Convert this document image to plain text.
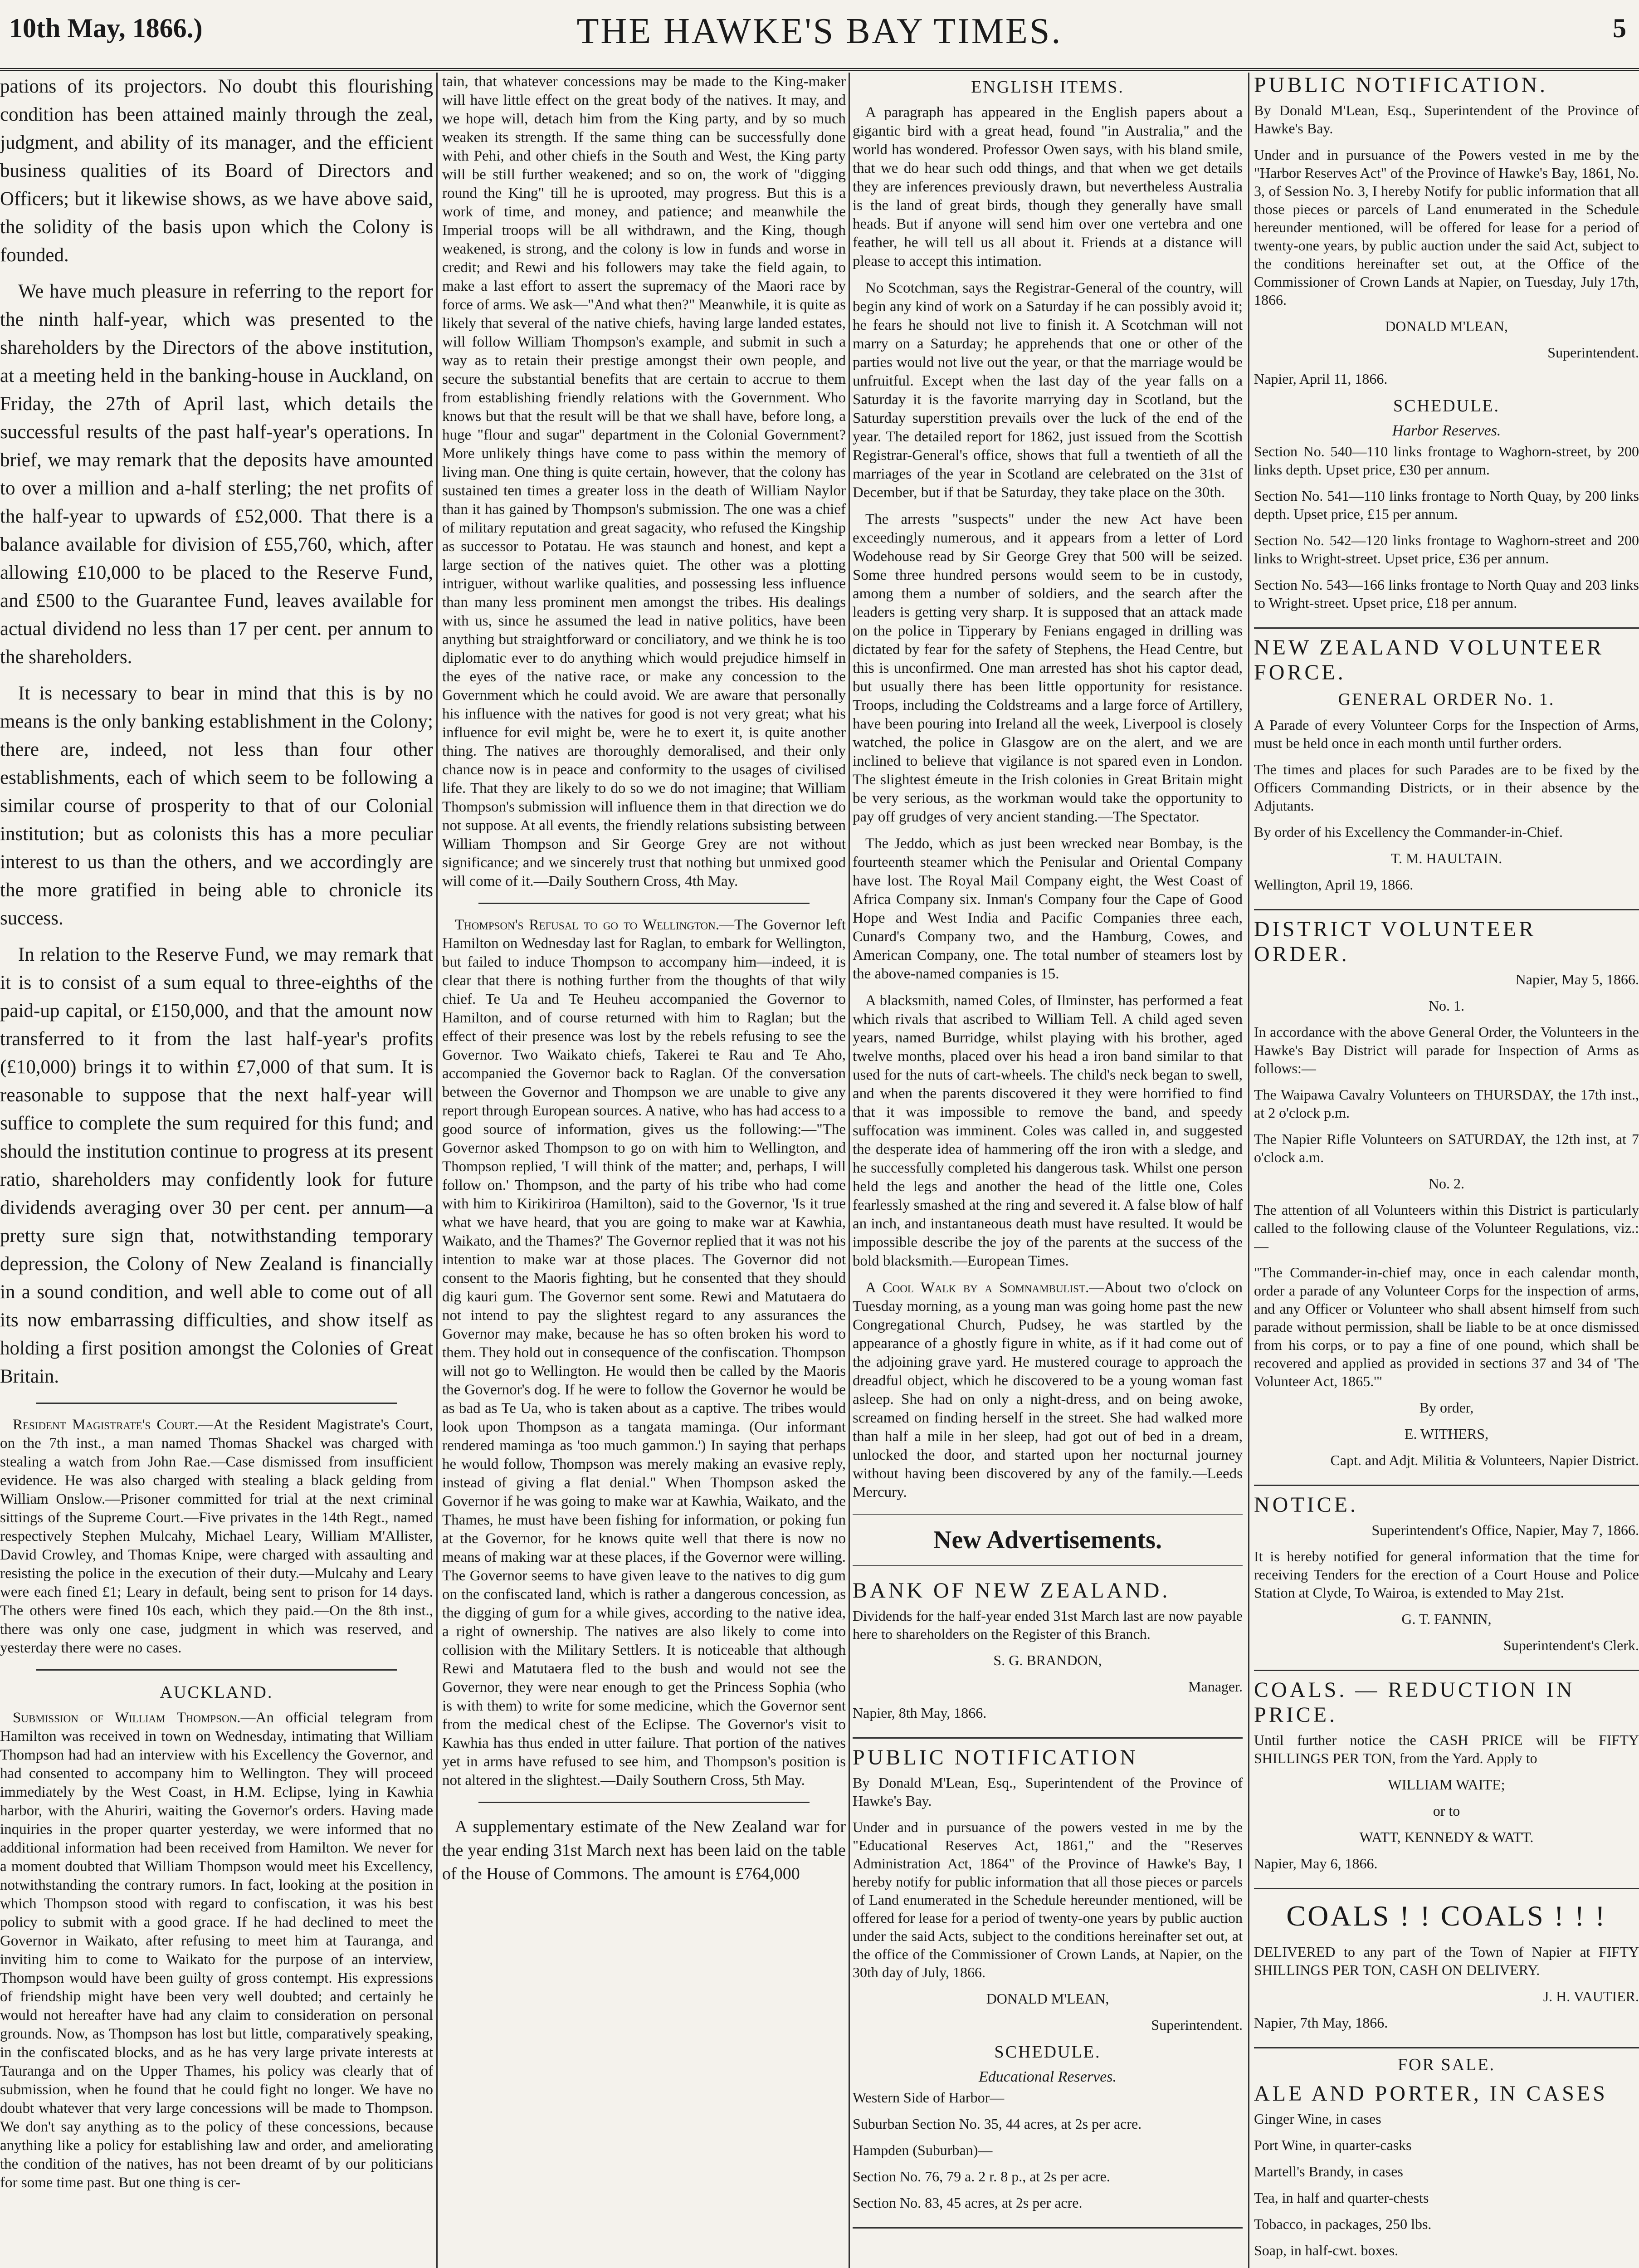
10th May, 1866.)	THE HAWKE'S BAY TIMES.	5

pations of its projectors. No doubt this flourishing condition has been attained mainly through the zeal, judgment, and ability of its manager, and the efficient business qualities of its Board of Directors and Officers; but it likewise shows, as we have above said, the solidity of the basis upon which the Colony is founded.

We have much pleasure in referring to the report for the ninth half-year, which was presented to the shareholders by the Directors of the above institution, at a meeting held in the banking-house in Auckland, on Friday, the 27th of April last, which details the successful results of the past half-year's operations. In brief, we may remark that the deposits have amounted to over a million and a-half sterling; the net profits of the half-year to upwards of £52,000. That there is a balance available for division of £55,760, which, after allowing £10,000 to be placed to the Reserve Fund, and £500 to the Guarantee Fund, leaves available for actual dividend no less than 17 per cent. per annum to the shareholders.

It is necessary to bear in mind that this is by no means is the only banking establishment in the Colony; there are, indeed, not less than four other establishments, each of which seem to be following a similar course of prosperity to that of our Colonial institution; but as colonists this has a more peculiar interest to us than the others, and we accordingly are the more gratified in being able to chronicle its success.

In relation to the Reserve Fund, we may remark that it is to consist of a sum equal to three-eighths of the paid-up capital, or £150,000, and that the amount now transferred to it from the last half-year's profits (£10,000) brings it to within £7,000 of that sum. It is reasonable to suppose that the next half-year will suffice to complete the sum required for this fund; and should the institution continue to progress at its present ratio, shareholders may confidently look for future dividends averaging over 30 per cent. per annum—a pretty sure sign that, notwithstanding temporary depression, the Colony of New Zealand is financially in a sound condition, and well able to come out of all its now embarrassing difficulties, and show itself as holding a first position amongst the Colonies of Great Britain.

Resident Magistrate's Court.—At the Resident Magistrate's Court, on the 7th inst., a man named Thomas Shackel was charged with stealing a watch from John Rae.—Case dismissed from insufficient evidence. He was also charged with stealing a black gelding from William Onslow.—Prisoner committed for trial at the next criminal sittings of the Supreme Court.—Five privates in the 14th Regt., named respectively Stephen Mulcahy, Michael Leary, William M'Allister, David Crowley, and Thomas Knipe, were charged with assaulting and resisting the police in the execution of their duty.—Mulcahy and Leary were each fined £1; Leary in default, being sent to prison for 14 days. The others were fined 10s each, which they paid.—On the 8th inst., there was only one case, judgment in which was reserved, and yesterday there were no cases.

AUCKLAND.

Submission of William Thompson.—An official telegram from Hamilton was received in town on Wednesday, intimating that William Thompson had had an interview with his Excellency the Governor, and had consented to accompany him to Wellington. They will proceed immediately by the West Coast, in H.M. Eclipse, lying in Kawhia harbor, with the Ahuriri, waiting the Governor's orders. Having made inquiries in the proper quarter yesterday, we were informed that no additional information had been received from Hamilton. We never for a moment doubted that William Thompson would meet his Excellency, notwithstanding the contrary rumors. In fact, looking at the position in which Thompson stood with regard to confiscation, it was his best policy to submit with a good grace. If he had declined to meet the Governor in Waikato, after refusing to meet him at Tauranga, and inviting him to come to Waikato for the purpose of an interview, Thompson would have been guilty of gross contempt. His expressions of friendship might have been very well doubted; and certainly he would not hereafter have had any claim to consideration on personal grounds. Now, as Thompson has lost but little, comparatively speaking, in the confiscated blocks, and as he has very large private interests at Tauranga and on the Upper Thames, his policy was clearly that of submission, when he found that he could fight no longer. We have no doubt whatever that very large concessions will be made to Thompson. We don't say anything as to the policy of these concessions, because anything like a policy for establishing law and order, and ameliorating the condition of the natives, has not been dreamt of by our politicians for some time past. But one thing is cer-

tain, that whatever concessions may be made to the King-maker will have little effect on the great body of the natives. It may, and we hope will, detach him from the King party, and by so much weaken its strength. If the same thing can be successfully done with Pehi, and other chiefs in the South and West, the King party will be still further weakened; and so on, the work of "digging round the King" till he is uprooted, may progress. But this is a work of time, and money, and patience; and meanwhile the Imperial troops will be all withdrawn, and the King, though weakened, is strong, and the colony is low in funds and worse in credit; and Rewi and his followers may take the field again, to make a last effort to assert the supremacy of the Maori race by force of arms. We ask—"And what then?" Meanwhile, it is quite as likely that several of the native chiefs, having large landed estates, will follow William Thompson's example, and submit in such a way as to retain their prestige amongst their own people, and secure the substantial benefits that are certain to accrue to them from establishing friendly relations with the Government. Who knows but that the result will be that we shall have, before long, a huge "flour and sugar" department in the Colonial Government? More unlikely things have come to pass within the memory of living man. One thing is quite certain, however, that the colony has sustained ten times a greater loss in the death of William Naylor than it has gained by Thompson's submission. The one was a chief of military reputation and great sagacity, who refused the Kingship as successor to Potatau. He was staunch and honest, and kept a large section of the natives quiet. The other was a plotting intriguer, without warlike qualities, and possessing less influence than many less prominent men amongst the tribes. His dealings with us, since he assumed the lead in native politics, have been anything but straightforward or conciliatory, and we think he is too diplomatic ever to do anything which would prejudice himself in the eyes of the native race, or make any concession to the Government which he could avoid. We are aware that personally his influence with the natives for good is not very great; what his influence for evil might be, were he to exert it, is quite another thing. The natives are thoroughly demoralised, and their only chance now is in peace and conformity to the usages of civilised life. That they are likely to do so we do not imagine; that William Thompson's submission will influence them in that direction we do not suppose. At all events, the friendly relations subsisting between William Thompson and Sir George Grey are not without significance; and we sincerely trust that nothing but unmixed good will come of it.—Daily Southern Cross, 4th May.

Thompson's Refusal to go to Wellington.—The Governor left Hamilton on Wednesday last for Raglan, to embark for Wellington, but failed to induce Thompson to accompany him—indeed, it is clear that there is nothing further from the thoughts of that wily chief. Te Ua and Te Heuheu accompanied the Governor to Hamilton, and of course returned with him to Raglan; but the effect of their presence was lost by the rebels refusing to see the Governor. Two Waikato chiefs, Takerei te Rau and Te Aho, accompanied the Governor back to Raglan. Of the conversation between the Governor and Thompson we are unable to give any report through European sources. A native, who has had access to a good source of information, gives us the following:—"The Governor asked Thompson to go on with him to Wellington, and Thompson replied, 'I will think of the matter; and, perhaps, I will follow on.' Thompson, and the party of his tribe who had come with him to Kirikiriroa (Hamilton), said to the Governor, 'Is it true what we have heard, that you are going to make war at Kawhia, Waikato, and the Thames?' The Governor replied that it was not his intention to make war at those places. The Governor did not consent to the Maoris fighting, but he consented that they should dig kauri gum. The Governor sent some. Rewi and Matutaera do not intend to pay the slightest regard to any assurances the Governor may make, because he has so often broken his word to them. They hold out in consequence of the confiscation. Thompson will not go to Wellington. He would then be called by the Maoris the Governor's dog. If he were to follow the Governor he would be as bad as Te Ua, who is taken about as a captive. The tribes would look upon Thompson as a tangata maminga. (Our informant rendered maminga as 'too much gammon.') In saying that perhaps he would follow, Thompson was merely making an evasive reply, instead of giving a flat denial." When Thompson asked the Governor if he was going to make war at Kawhia, Waikato, and the Thames, he must have been fishing for information, or poking fun at the Governor, for he knows quite well that there is now no means of making war at these places, if the Governor were willing. The Governor seems to have given leave to the natives to dig gum on the confiscated land, which is rather a dangerous concession, as the digging of gum for a while gives, according to the native idea, a right of ownership. The natives are also likely to come into collision with the Military Settlers. It is noticeable that although Rewi and Matutaera fled to the bush and would not see the Governor, they were near enough to get the Princess Sophia (who is with them) to write for some medicine, which the Governor sent from the medical chest of the Eclipse. The Governor's visit to Kawhia has thus ended in utter failure. That portion of the natives yet in arms have refused to see him, and Thompson's position is not altered in the slightest.—Daily Southern Cross, 5th May.

A supplementary estimate of the New Zealand war for the year ending 31st March next has been laid on the table of the House of Commons. The amount is £764,000

ENGLISH ITEMS.

A paragraph has appeared in the English papers about a gigantic bird with a great head, found "in Australia," and the world has wondered. Professor Owen says, with his bland smile, that we do hear such odd things, and that when we get details they are inferences previously drawn, but nevertheless Australia is the land of great birds, though they generally have small heads. But if anyone will send him over one vertebra and one feather, he will tell us all about it. Friends at a distance will please to accept this intimation.

No Scotchman, says the Registrar-General of the country, will begin any kind of work on a Saturday if he can possibly avoid it; he fears he should not live to finish it. A Scotchman will not marry on a Saturday; he apprehends that one or other of the parties would not live out the year, or that the marriage would be unfruitful. Except when the last day of the year falls on a Saturday it is the favorite marrying day in Scotland, but the Saturday superstition prevails over the luck of the end of the year. The detailed report for 1862, just issued from the Scottish Registrar-General's office, shows that full a twentieth of all the marriages of the year in Scotland are celebrated on the 31st of December, but if that be Saturday, they take place on the 30th.

The arrests "suspects" under the new Act have been exceedingly numerous, and it appears from a letter of Lord Wodehouse read by Sir George Grey that 500 will be seized. Some three hundred persons would seem to be in custody, among them a number of soldiers, and the search after the leaders is getting very sharp. It is supposed that an attack made on the police in Tipperary by Fenians engaged in drilling was dictated by fear for the safety of Stephens, the Head Centre, but this is unconfirmed. One man arrested has shot his captor dead, but usually there has been little opportunity for resistance. Troops, including the Coldstreams and a large force of Artillery, have been pouring into Ireland all the week, Liverpool is closely watched, the police in Glasgow are on the alert, and we are inclined to believe that vigilance is not spared even in London. The slightest émeute in the Irish colonies in Great Britain might be very serious, as the workman would take the opportunity to pay off grudges of very ancient standing.—The Spectator.

The Jeddo, which as just been wrecked near Bombay, is the fourteenth steamer which the Penisular and Oriental Company have lost. The Royal Mail Company eight, the West Coast of Africa Company six. Inman's Company four the Cape of Good Hope and West India and Pacific Companies three each, Cunard's Company two, and the Hamburg, Cowes, and American Company, one. The total number of steamers lost by the above-named companies is 15.

A blacksmith, named Coles, of Ilminster, has performed a feat which rivals that ascribed to William Tell. A child aged seven years, named Burridge, whilst playing with his brother, aged twelve months, placed over his head a iron band similar to that used for the nuts of cart-wheels. The child's neck began to swell, and when the parents discovered it they were horrified to find that it was impossible to remove the band, and speedy suffocation was imminent. Coles was called in, and suggested the desperate idea of hammering off the iron with a sledge, and he successfully completed his dangerous task. Whilst one person held the legs and another the head of the little one, Coles fearlessly smashed at the ring and severed it. A false blow of half an inch, and instantaneous death must have resulted. It would be impossible describe the joy of the parents at the success of the bold blacksmith.—European Times.

A Cool Walk by a Somnambulist.—About two o'clock on Tuesday morning, as a young man was going home past the new Congregational Church, Pudsey, he was startled by the appearance of a ghostly figure in white, as if it had come out of the adjoining grave yard. He mustered courage to approach the dreadful object, which he discovered to be a young woman fast asleep. She had on only a night-dress, and on being awoke, screamed on finding herself in the street. She had walked more than half a mile in her sleep, had got out of bed in a dream, unlocked the door, and started upon her nocturnal journey without having been discovered by any of the family.—Leeds Mercury.

New Advertisements.
BANK OF NEW ZEALAND.

Dividends for the half-year ended 31st March last are now payable here to shareholders on the Register of this Branch.

S. G. BRANDON,

Manager.

Napier, 8th May, 1866.

PUBLIC NOTIFICATION

By Donald M'Lean, Esq., Superintendent of the Province of Hawke's Bay.

Under and in pursuance of the powers vested in me by the "Educational Reserves Act, 1861," and the "Reserves Administration Act, 1864" of the Province of Hawke's Bay, I hereby notify for public information that all those pieces or parcels of Land enumerated in the Schedule hereunder mentioned, will be offered for lease for a period of twenty-one years by public auction under the said Acts, subject to the conditions hereinafter set out, at the office of the Commissioner of Crown Lands, at Napier, on the 30th day of July, 1866.

DONALD M'LEAN,

Superintendent.

SCHEDULE.
Educational Reserves.

Western Side of Harbor—

Suburban Section No. 35, 44 acres, at 2s per acre.

Hampden (Suburban)—

Section No. 76, 79 a. 2 r. 8 p., at 2s per acre.

Section No. 83, 45 acres, at 2s per acre.

PUBLIC NOTIFICATION.

By Donald M'Lean, Esq., Superintendent of the Province of Hawke's Bay.

Under and in pursuance of the Powers vested in me by the "Harbor Reserves Act" of the Province of Hawke's Bay, 1861, No. 3, of Session No. 3, I hereby Notify for public information that all those pieces or parcels of Land enumerated in the Schedule hereunder mentioned, will be offered for lease for a period of twenty-one years, by public auction under the said Act, subject to the conditions hereinafter set out, at the Office of the Commissioner of Crown Lands at Napier, on Tuesday, July 17th, 1866.

DONALD M'LEAN,

Superintendent.

Napier, April 11, 1866.

SCHEDULE.
Harbor Reserves.

Section No. 540—110 links frontage to Waghorn-street, by 200 links depth. Upset price, £30 per annum.

Section No. 541—110 links frontage to North Quay, by 200 links depth. Upset price, £15 per annum.

Section No. 542—120 links frontage to Waghorn-street and 200 links to Wright-street. Upset price, £36 per annum.

Section No. 543—166 links frontage to North Quay and 203 links to Wright-street. Upset price, £18 per annum.

NEW ZEALAND VOLUNTEER FORCE.
GENERAL ORDER No. 1.

A Parade of every Volunteer Corps for the Inspection of Arms, must be held once in each month until further orders.

The times and places for such Parades are to be fixed by the Officers Commanding Districts, or in their absence by the Adjutants.

By order of his Excellency the Commander-in-Chief.

T. M. HAULTAIN.

Wellington, April 19, 1866.

DISTRICT VOLUNTEER ORDER.

Napier, May 5, 1866.

No. 1.

In accordance with the above General Order, the Volunteers in the Hawke's Bay District will parade for Inspection of Arms as follows:—

The Waipawa Cavalry Volunteers on THURSDAY, the 17th inst., at 2 o'clock p.m.

The Napier Rifle Volunteers on SATURDAY, the 12th inst, at 7 o'clock a.m.

No. 2.

The attention of all Volunteers within this District is particularly called to the following clause of the Volunteer Regulations, viz.:—

"The Commander-in-chief may, once in each calendar month, order a parade of any Volunteer Corps for the inspection of arms, and any Officer or Volunteer who shall absent himself from such parade without permission, shall be liable to be at once dismissed from his corps, or to pay a fine of one pound, which shall be recovered and applied as provided in sections 37 and 34 of 'The Volunteer Act, 1865.'"

By order,

E. WITHERS,

Capt. and Adjt. Militia & Volunteers, Napier District.

NOTICE.

Superintendent's Office, Napier, May 7, 1866.

It is hereby notified for general information that the time for receiving Tenders for the erection of a Court House and Police Station at Clyde, To Wairoa, is extended to May 21st.

G. T. FANNIN,

Superintendent's Clerk.

COALS. — REDUCTION IN PRICE.

Until further notice the CASH PRICE will be FIFTY SHILLINGS PER TON, from the Yard. Apply to

WILLIAM WAITE;

or to

WATT, KENNEDY & WATT.

Napier, May 6, 1866.

COALS ! ! COALS ! ! !

DELIVERED to any part of the Town of Napier at FIFTY SHILLINGS PER TON, CASH ON DELIVERY.

J. H. VAUTIER.

Napier, 7th May, 1866.

FOR SALE.
ALE AND PORTER, IN CASES

Ginger Wine, in cases

Port Wine, in quarter-casks

Martell's Brandy, in cases

Tea, in half and quarter-chests

Tobacco, in packages, 250 lbs.

Soap, in half-cwt. boxes.
